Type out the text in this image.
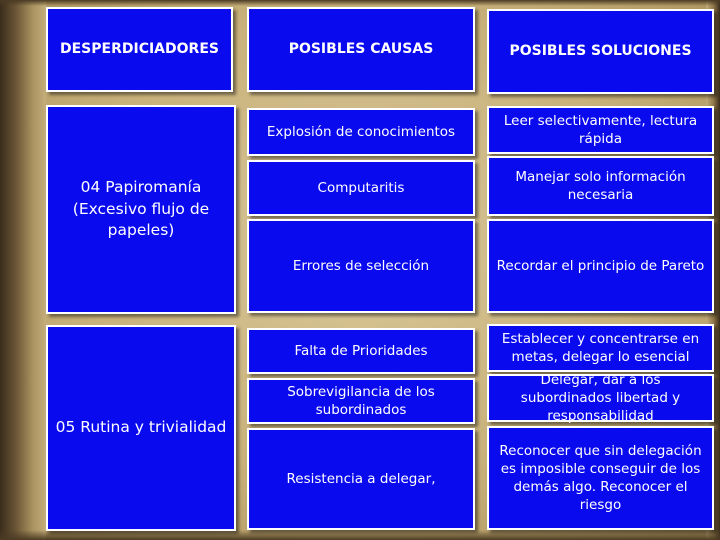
DESPERDICIADORES	POSIBLES CAUSAS	POSIBLES SOLUCIONES
04 Papiromanía (Excesivo flujo de papeles)
Explosión de conocimientos
Computaritis
Errores de selección
Leer selectivamente, lectura rápida
Manejar solo información necesaria
Recordar el principio de Pareto
05 Rutina y trivialidad
Falta de Prioridades
Sobrevigilancia de los subordinados
Resistencia a delegar,
Establecer y concentrarse en metas, delegar lo esencial
Delegar, dar a los subordinados libertad y responsabilidad
Reconocer que sin delegación es imposible conseguir de los demás algo. Reconocer el riesgo
